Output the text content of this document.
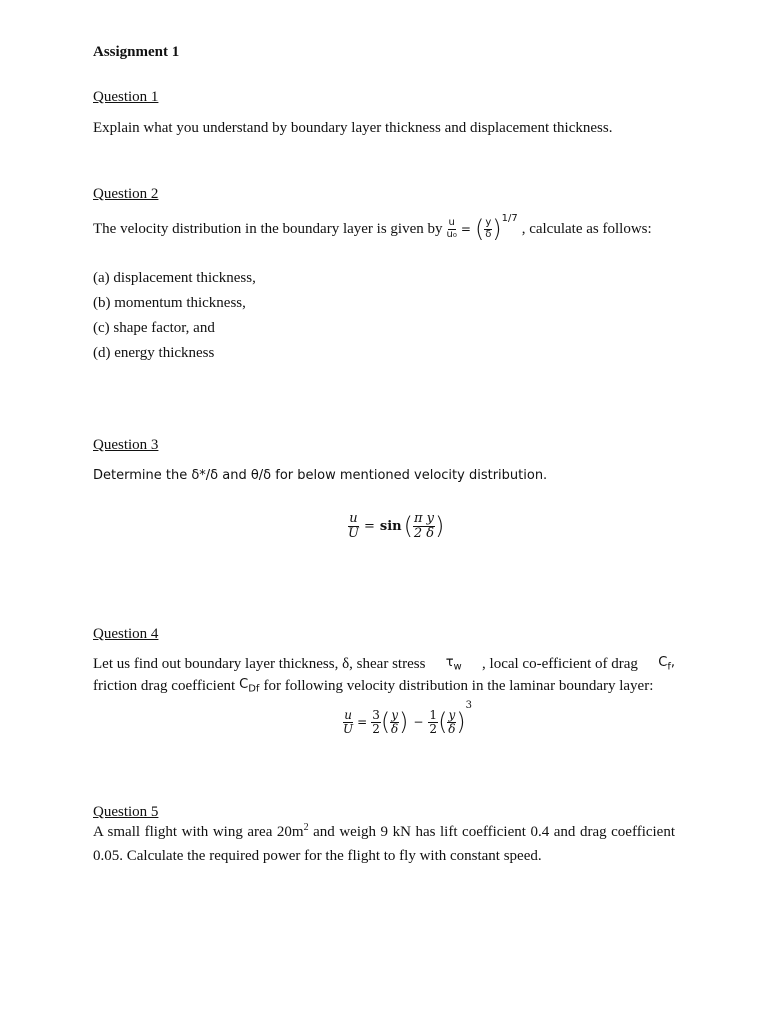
Assignment 1
Question 1
Explain what you understand by boundary layer thickness and displacement thickness.
Question 2
The velocity distribution in the boundary layer is given by $\frac{u}{\text{u₀}}$ = ( $\frac{y}{\delta}$ ) 1/7
, calculate as follows:
(a) displacement thickness,
(b) momentum thickness,
(c) shape factor, and
(d) energy thickness
Question 3
Determine the δ*/δ and θ/δ for below mentioned velocity distribution.
$\frac{u}{U} = \sin$ ( $\frac{\text{π y}}{2 \delta}$ )
Question 4
Let us find out boundary layer thickness, δ, shear stress $\tau_w$ , local co-efficient of drag $C_f$,
friction drag coefficient $C_{Df}$ for following velocity distribution in the laminar boundary layer:
$\frac{u}{U} = \frac{3}{2}$ ( $\frac{y}{\delta}$ ) − $\frac{1}{2}$ ( $\frac{y}{\delta}$ )
3
Question 5
A small flight with wing area $20m^2$ and weigh 9 kN has lift coefficient 0.4 and drag coefficient 0.05. Calculate the required power for the flight to fly with constant speed.
